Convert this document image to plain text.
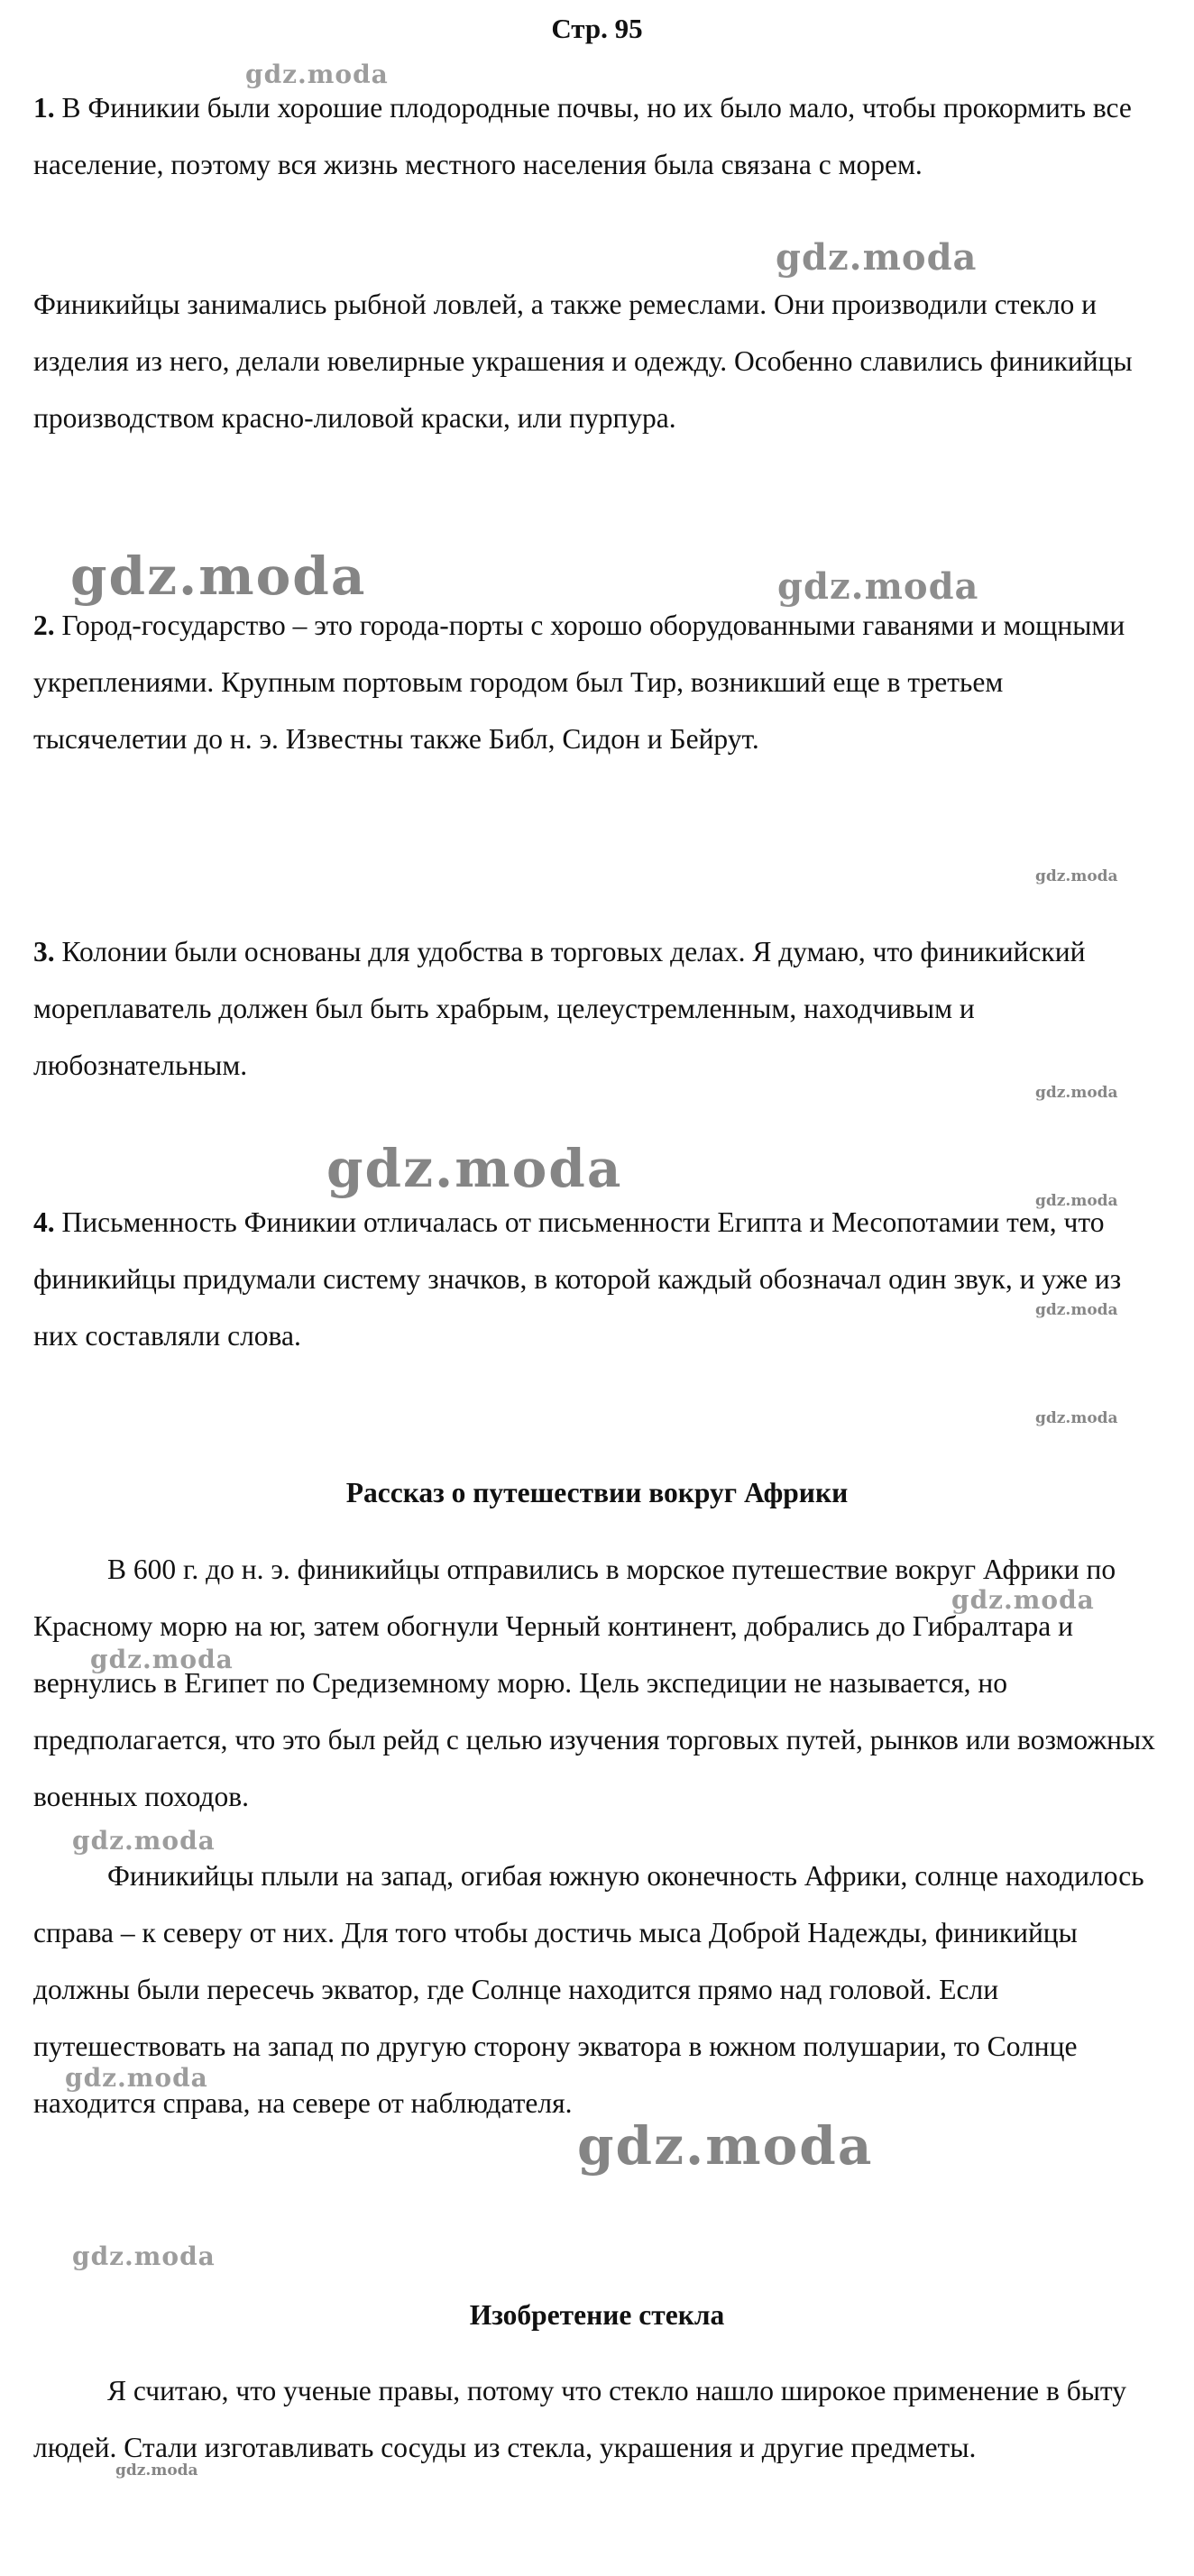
Стр. 95

1. В Финикии были хорошие плодородные почвы, но их было мало, чтобы прокормить все население, поэтому вся жизнь местного населения была связана с морем.

Финикийцы занимались рыбной ловлей, а также ремеслами. Они производили стекло и изделия из него, делали ювелирные украшения и одежду. Особенно славились финикийцы производством красно-лиловой краски, или пурпура.

2. Город-государство – это города-порты с хорошо оборудованными гаванями и мощными укреплениями. Крупным портовым городом был Тир, возникший еще в третьем тысячелетии до н. э. Известны также Библ, Сидон и Бейрут.

3. Колонии были основаны для удобства в торговых делах. Я думаю, что финикийский мореплаватель должен был быть храбрым, целеустремленным, находчивым и любознательным.

4. Письменность Финикии отличалась от письменности Египта и Месопотамии тем, что финикийцы придумали систему значков, в которой каждый обозначал один звук, и уже из них составляли слова.

Рассказ о путешествии вокруг Африки

В 600 г. до н. э. финикийцы отправились в морское путешествие вокруг Африки по Красному морю на юг, затем обогнули Черный континент, добрались до Гибралтара и вернулись в Египет по Средиземному морю. Цель экспедиции не называется, но предполагается, что это был рейд с целью изучения торговых путей, рынков или возможных военных походов.

Финикийцы плыли на запад, огибая южную оконечность Африки, солнце находилось справа – к северу от них. Для того чтобы достичь мыса Доброй Надежды, финикийцы должны были пересечь экватор, где Солнце находится прямо над головой. Если путешествовать на запад по другую сторону экватора в южном полушарии, то Солнце находится справа, на севере от наблюдателя.

Изобретение стекла

Я считаю, что ученые правы, потому что стекло нашло широкое применение в быту людей. Стали изготавливать сосуды из стекла, украшения и другие предметы.

gdz.moda
gdz.moda
gdz.moda	gdz.moda
gdz.moda
gdz.moda
gdz.moda
gdz.moda
gdz.moda
gdz.moda
gdz.moda
gdz.moda
gdz.moda
gdz.moda
gdz.moda
gdz.moda
gdz.moda
